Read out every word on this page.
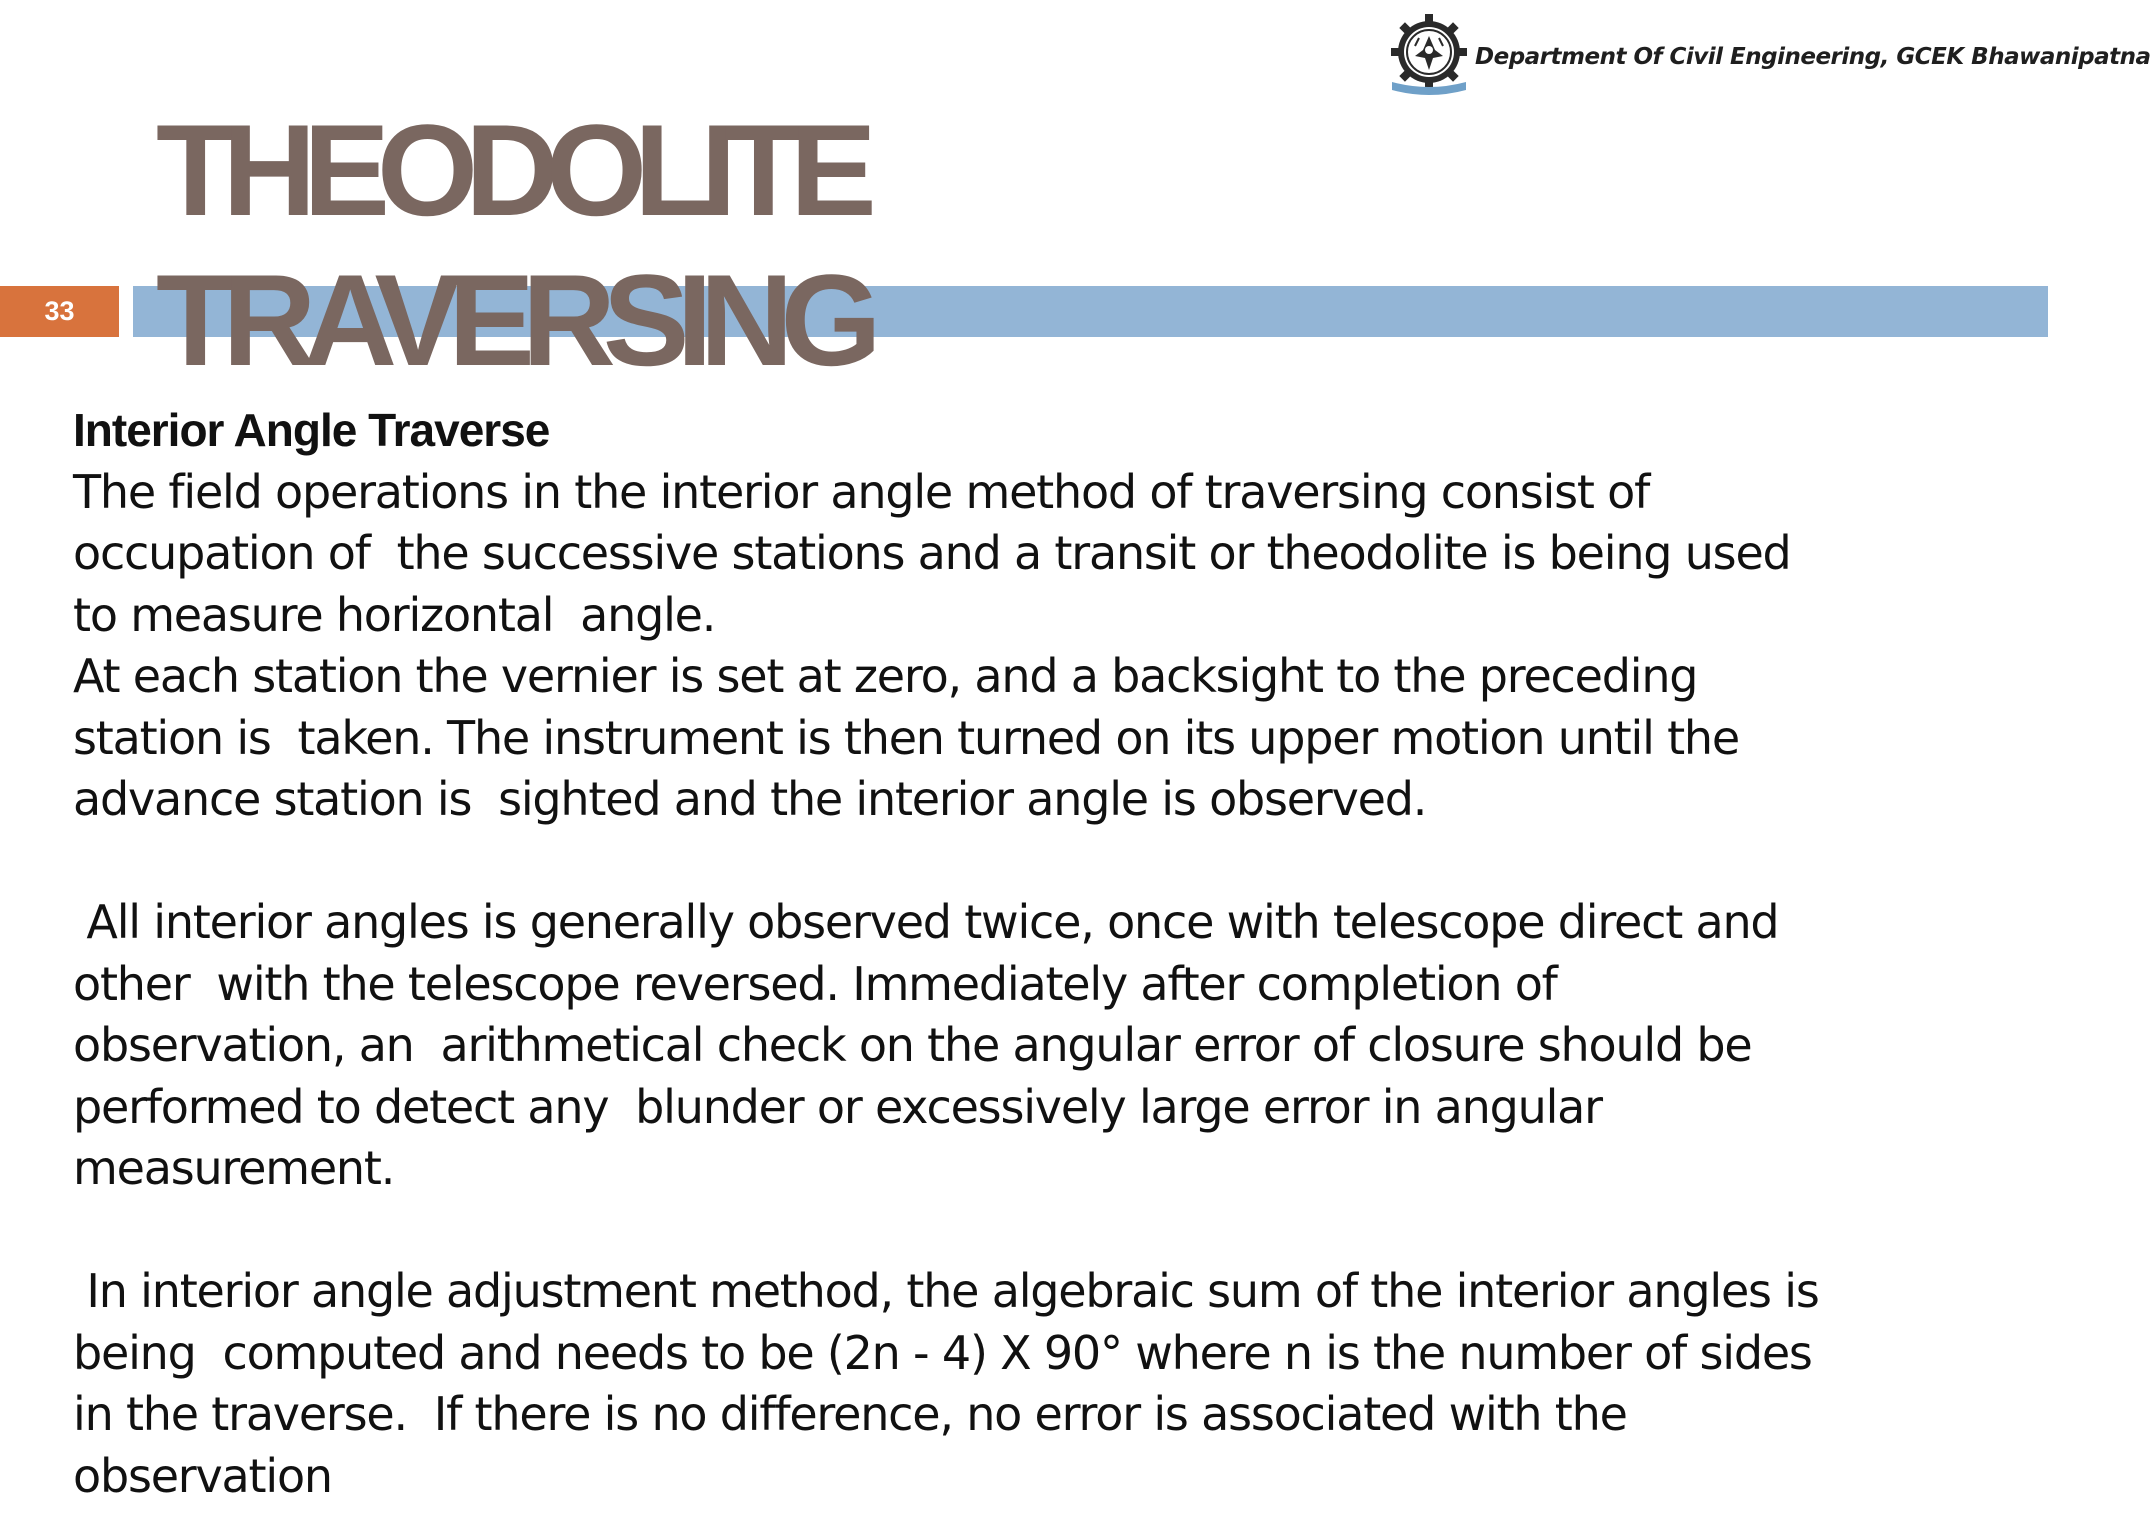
Department Of Civil Engineering, GCEK Bhawanipatna
33
THEODOLITE
TRAVERSING
Interior Angle Traverse
The field operations in the interior angle method of traversing consist of
occupation of  the successive stations and a transit or theodolite is being used
to measure horizontal  angle.
At each station the vernier is set at zero, and a backsight to the preceding
station is  taken. The instrument is then turned on its upper motion until the
advance station is  sighted and the interior angle is observed.
All interior angles is generally observed twice, once with telescope direct and
other  with the telescope reversed. Immediately after completion of
observation, an  arithmetical check on the angular error of closure should be
performed to detect any  blunder or excessively large error in angular
measurement.
In interior angle adjustment method, the algebraic sum of the interior angles is
being  computed and needs to be (2n - 4) X 90° where n is the number of sides
in the traverse.  If there is no difference, no error is associated with the
observation
